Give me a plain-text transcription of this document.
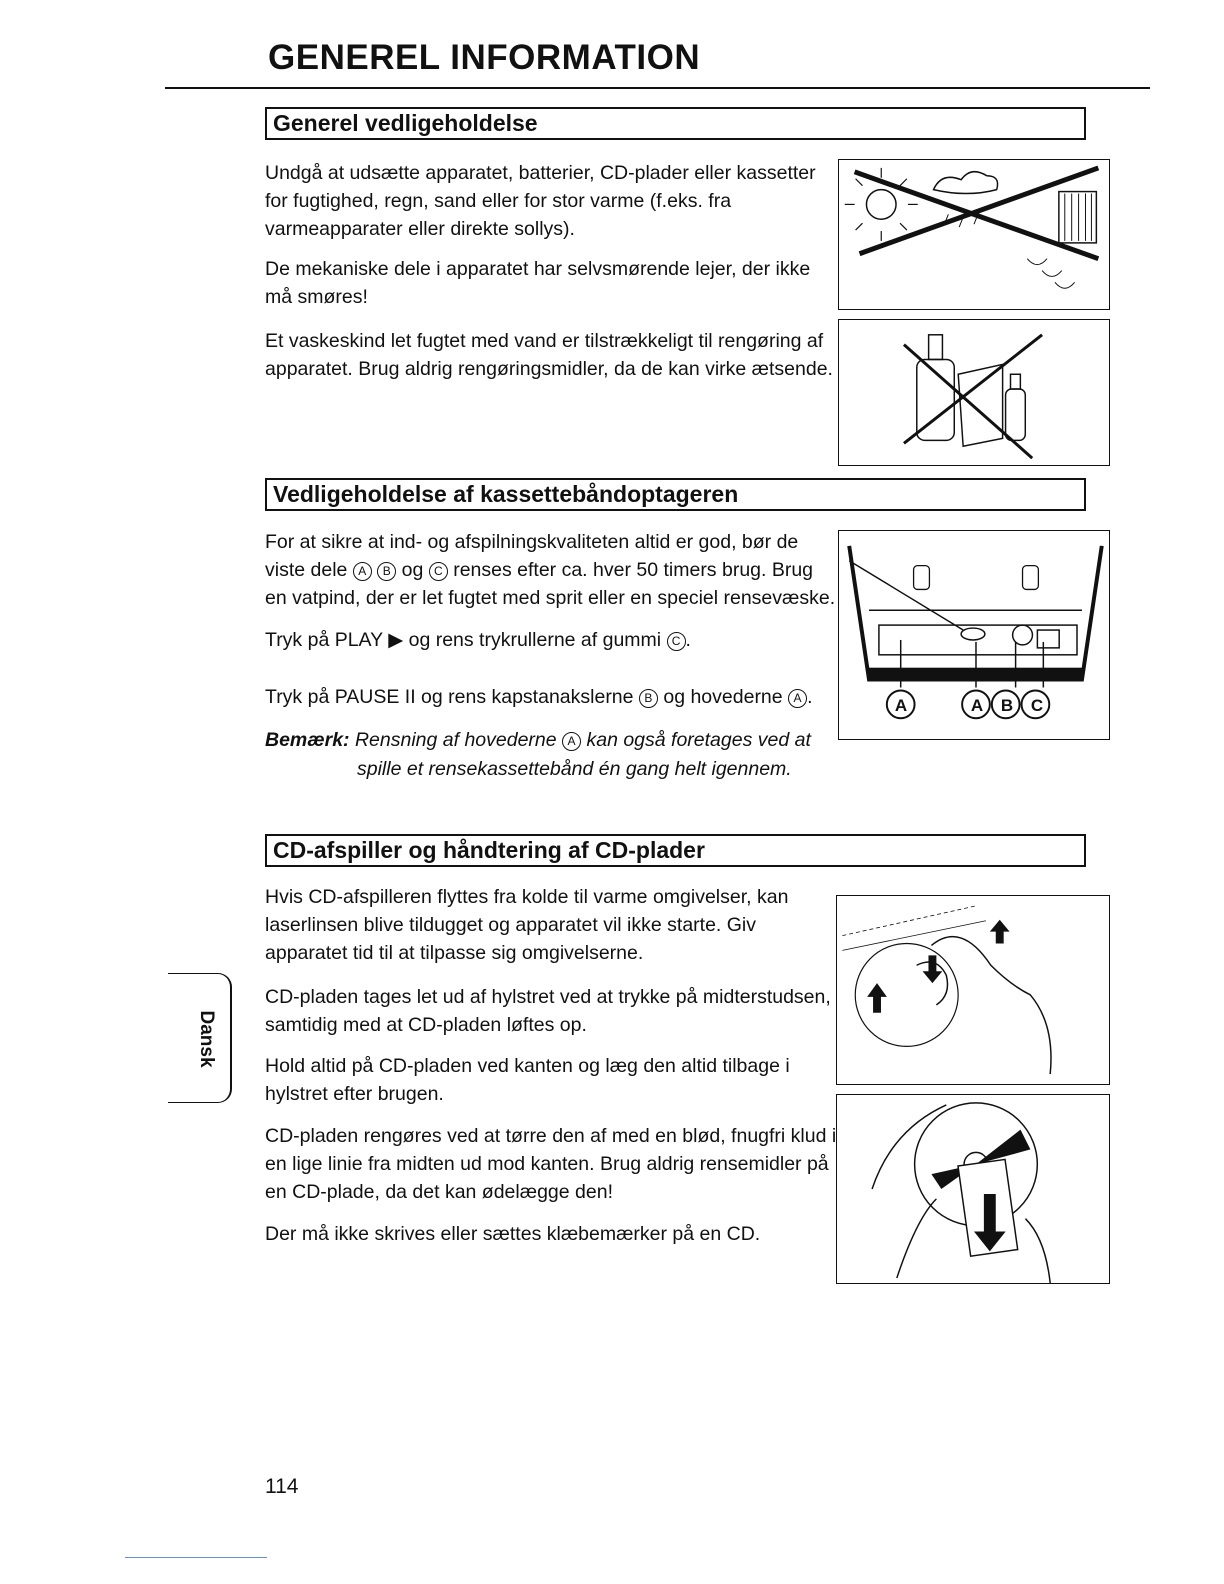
GENEREL INFORMATION
Generel vedligeholdelse

Undgå at udsætte apparatet, batterier, CD-plader eller kassetter for fugtighed, regn, sand eller for stor varme (f.eks. fra varmeapparater eller direkte sollys).

De mekaniske dele i apparatet har selvsmørende lejer, der ikke må smøres!

Et vaskeskind let fugtet med vand er tilstrækkeligt til rengøring af apparatet. Brug aldrig rengøringsmidler, da de kan virke ætsende.

Vedligeholdelse af kassettebåndoptageren

For at sikre at ind- og afspilningskvaliteten altid er god, bør de viste dele A B og C renses efter ca. hver 50 timers brug. Brug en vatpind, der er let fugtet med sprit eller en speciel rensevæske.

Tryk på PLAY ▶ og rens trykrullerne af gummi C .

Tryk på PAUSE II og rens kapstanakslerne B og hovederne A .

Bemærk: Rensning af hovederne A kan også foretages ved at
spille et rensekassettebånd én gang helt igennem.
A	A B C
CD-afspiller og håndtering af CD-plader

Hvis CD-afspilleren flyttes fra kolde til varme omgivelser, kan laserlinsen blive tildugget og apparatet vil ikke starte. Giv apparatet tid til at tilpasse sig omgivelserne.

CD-pladen tages let ud af hylstret ved at trykke på midterstudsen, samtidig med at CD-pladen løftes op.

Hold altid på CD-pladen ved kanten og læg den altid tilbage i hylstret efter brugen.

CD-pladen rengøres ved at tørre den af med en blød, fnugfri klud i en lige linie fra midten ud mod kanten. Brug aldrig rensemidler på en CD-plade, da det kan ødelægge den!

Der må ikke skrives eller sættes klæbemærker på en CD.

Dansk
114
